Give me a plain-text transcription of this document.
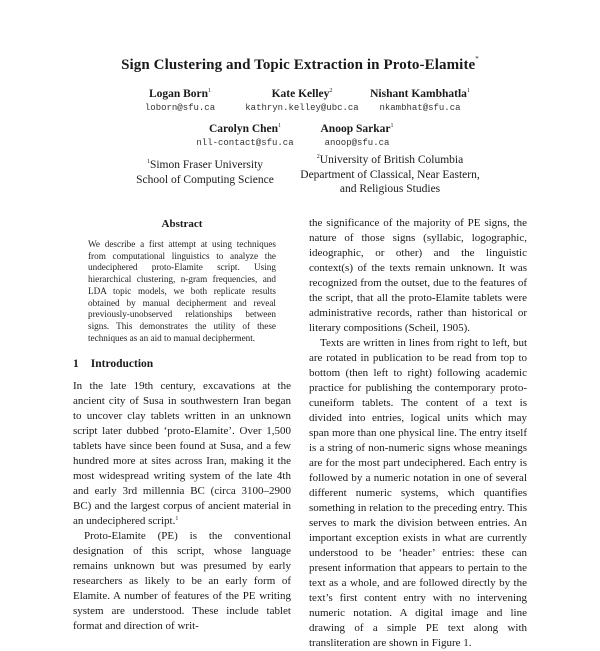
Sign Clustering and Topic Extraction in Proto-Elamite*
Logan Born$^1$
loborn@sfu.ca
Kate Kelley$^2$
kathryn.kelley@ubc.ca
Nishant Kambhatla$^1$
nkambhat@sfu.ca
Carolyn Chen$^1$
nll-contact@sfu.ca
Anoop Sarkar$^1$
anoop@sfu.ca
$^1$Simon Fraser University
School of Computing Science
$^2$University of British Columbia
Department of Classical, Near Eastern,
and Religious Studies
Abstract
We describe a first attempt at using techniques from computational linguistics to analyze the undeciphered proto-Elamite script. Using hierarchical clustering, n-gram frequencies, and LDA topic models, we both replicate results obtained by manual decipherment and reveal previously-unobserved relationships between signs. This demonstrates the utility of these techniques as an aid to manual decipherment.
1 Introduction

In the late 19th century, excavations at the ancient city of Susa in southwestern Iran began to uncover clay tablets written in an unknown script later dubbed ‘proto-Elamite’. Over 1,500 tablets have since been found at Susa, and a few hundred more at sites across Iran, making it the most widespread writing system of the late 4th and early 3rd millennia BC (circa 3100–2900 BC) and the largest corpus of ancient material in an undeciphered script.$^1$

Proto-Elamite (PE) is the conventional designation of this script, whose language remains unknown but was presumed by early researchers as likely to be an early form of Elamite. A number of features of the PE writing system are understood. These include tablet format and direction of writ-

the significance of the majority of PE signs, the nature of those signs (syllabic, logographic, ideographic, or other) and the linguistic context(s) of the texts remain unknown. It was recognized from the outset, due to the features of the script, that all the proto-Elamite tablets were administrative records, rather than historical or literary compositions (Scheil, 1905).

Texts are written in lines from right to left, but are rotated in publication to be read from top to bottom (then left to right) following academic practice for publishing the contemporary proto-cuneiform tablets. The content of a text is divided into entries, logical units which may span more than one physical line. The entry itself is a string of non-numeric signs whose meanings are for the most part undeciphered. Each entry is followed by a numeric notation in one of several different numeric systems, which quantifies something in relation to the preceding entry. This serves to mark the division between entries. An important exception exists in what are currently understood to be ‘header’ entries: these can present information that appears to pertain to the text as a whole, and are followed directly by the text’s first content entry with no intervening numeric notation. A digital image and line drawing of a simple PE text along with transliteration are shown in Figure 1.
